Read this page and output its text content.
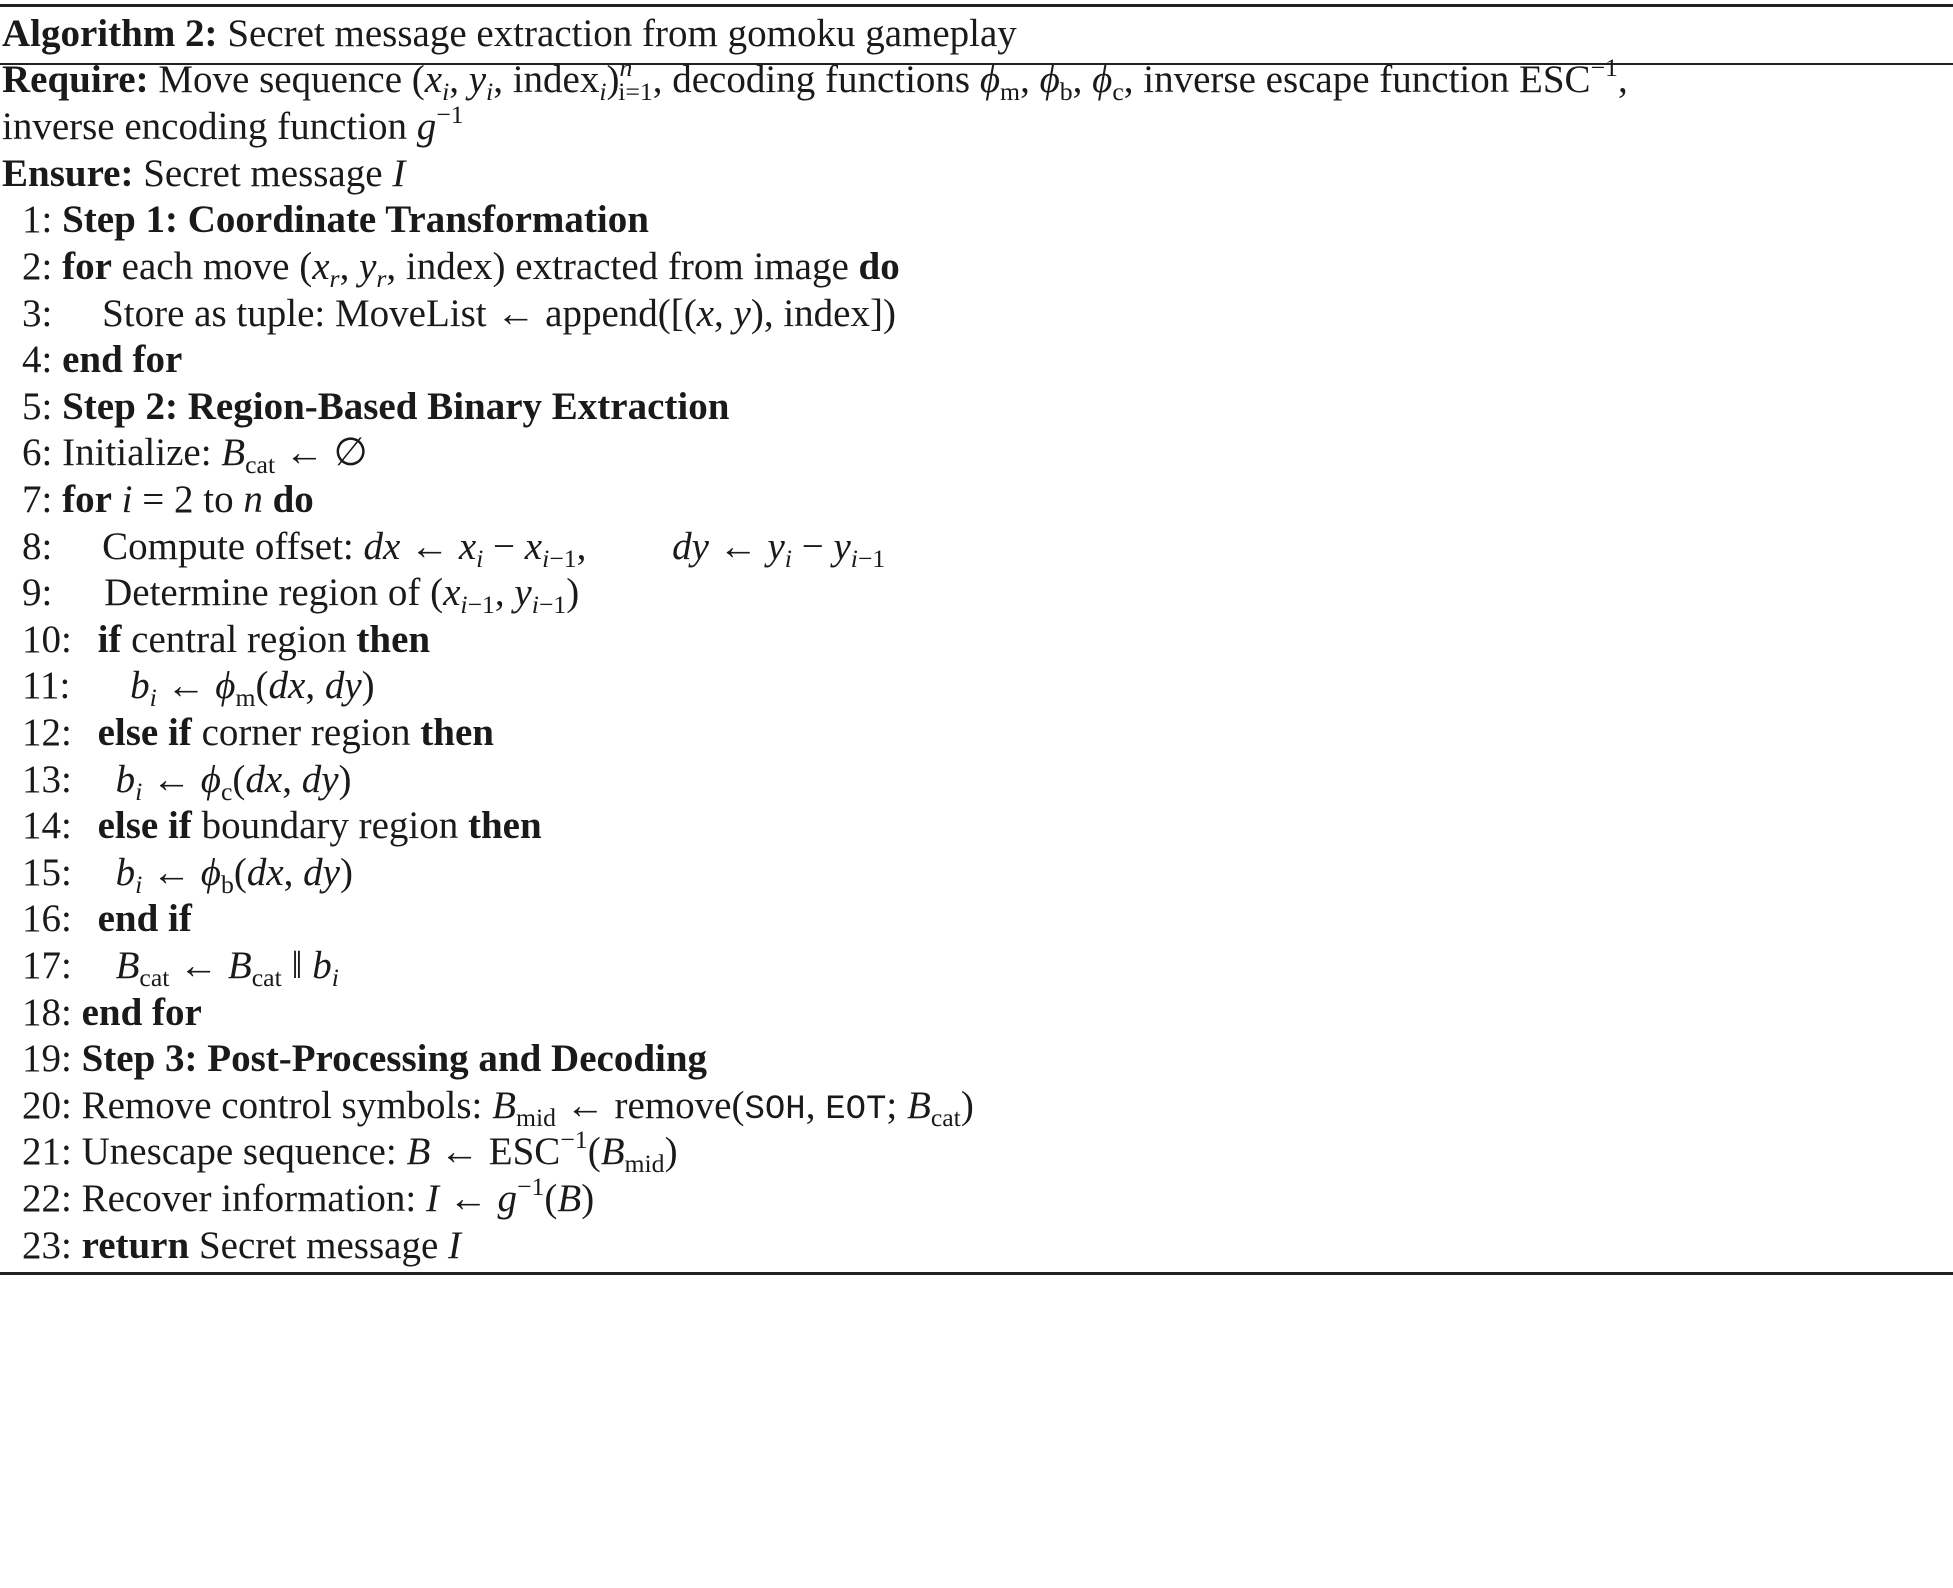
Algorithm 2: Secret message extraction from gomoku gameplay
Require: Move sequence ($x_i$, $y_i$, index$_i$)$^n_{i=1}$, decoding functions $\phi_m$, $\phi_b$, $\phi_c$, inverse escape function $ESC^{-1}$,
inverse encoding function $g^{-1}$
Ensure: Secret message I
1: Step 1: Coordinate Transformation
2: for each move ($x_r$, $y_r$, index) extracted from image do
3: Store as tuple: MoveList ← append([(x, y), index])
4: end for
5: Step 2: Region-Based Binary Extraction
6: Initialize: $B_{cat}$ ← ∅
7: for i = 2 to n do
8: Compute offset: dx ← $x_i - x_{i-1}$, dy ← $y_i - y_{i-1}$
9: Determine region of ($x_{i-1}$, $y_{i-1}$)
10: if central region then
11: $b_i$ ← $\phi_m(dx$, dy)
12: else if corner region then
13: $b_i$ ← $\phi_c(dx$, dy)
14: else if boundary region then
15: $b_i$ ← $\phi_b(dx$, dy)
16: end if
17: $B_{cat}$ ← $B_{cat}$ ‖ $b_i$
18: end for
19: Step 3: Post-Processing and Decoding
20: Remove control symbols: $B_{mid}$ ← remove(SOH, EOT; $B_{cat}$)
21: Unescape sequence: B ← $ESC^{-1}(B_{mid})$
22: Recover information: I ← $g^{-1}(B)$
23: return Secret message I
